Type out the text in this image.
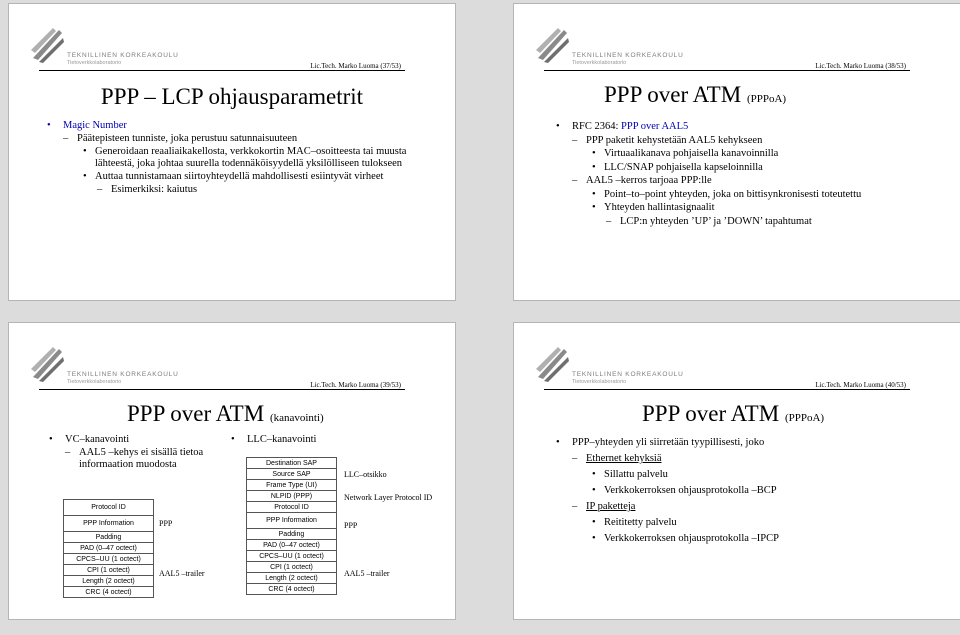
TEKNILLINEN KORKEAKOULU
Tietoverkkolaboratorio	Lic.Tech. Marko Luoma (37/53)
PPP – LCP ohjausparametrit
• Magic Number
– Päätepisteen tunniste, joka perustuu satunnaisuuteen
• Generoidaan reaaliaikakellosta, verkkokortin MAC–osoitteesta tai muusta lähteestä, joka johtaa suurella todennäköisyydellä yksilölliseen tulokseen
• Auttaa tunnistamaan siirtoyhteydellä mahdollisesti esiintyvät virheet
– Esimerkiksi: kaiutus
TEKNILLINEN KORKEAKOULU
Tietoverkkolaboratorio	Lic.Tech. Marko Luoma (38/53)
PPP over ATM (PPPoA)
• RFC 2364: PPP over AAL5
– PPP paketit kehystetään AAL5 kehykseen
• Virtuaalikanava pohjaisella kanavoinnilla
• LLC/SNAP pohjaisella kapseloinnilla
– AAL5 –kerros tarjoaa PPP:lle
• Point–to–point yhteyden, joka on bittisynkronisesti toteutettu
• Yhteyden hallintasignaalit
– LCP:n yhteyden ’UP’ ja ’DOWN’ tapahtumat
TEKNILLINEN KORKEAKOULU
Tietoverkkolaboratorio	Lic.Tech. Marko Luoma (39/53)
PPP over ATM (kanavointi)
• VC–kanavointi
– AAL5 –kehys ei sisällä tietoa informaation muodosta
Protocol ID
PPP Information
Padding
PAD (0–47 octect)
CPCS–UU (1 octect)
CPI (1 octect)
Length (2 octect)
CRC (4 octect)
PPP
AAL5 –trailer
• LLC–kanavointi
Destination SAP
Source SAP
Frame Type (UI)
NLPID (PPP)
Protocol ID
PPP Information
Padding
PAD (0–47 octect)
CPCS–UU (1 octect)
CPI (1 octect)
Length (2 octect)
CRC (4 octect)
LLC–otsikko
Network Layer Protocol ID
PPP
AAL5 –trailer
TEKNILLINEN KORKEAKOULU
Tietoverkkolaboratorio	Lic.Tech. Marko Luoma (40/53)
PPP over ATM (PPPoA)
• PPP–yhteyden yli siirretään tyypillisesti, joko
– Ethernet kehyksiä
• Sillattu palvelu
• Verkkokerroksen ohjausprotokolla –BCP
– IP paketteja
• Reititetty palvelu
• Verkkokerroksen ohjausprotokolla –IPCP
